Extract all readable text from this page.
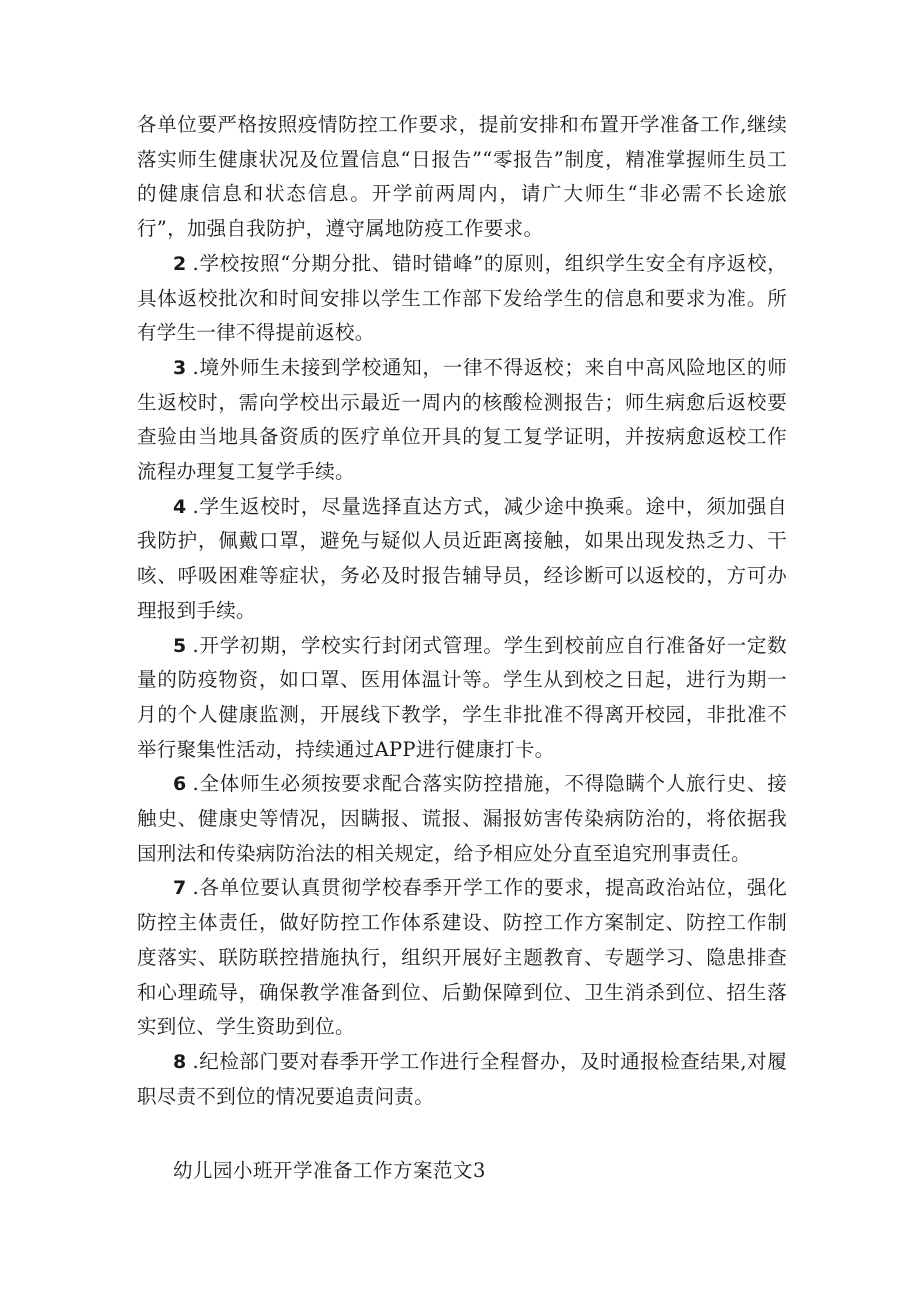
各单位要严格按照疫情防控工作要求，提前安排和布置开学准备工作,继续落实师生健康状况及位置信息“日报告”“零报告”制度，精准掌握师生员工的健康信息和状态信息。开学前两周内，请广大师生“非必需不长途旅行”，加强自我防护，遵守属地防疫工作要求。

2 .学校按照“分期分批、错时错峰”的原则，组织学生安全有序返校，具体返校批次和时间安排以学生工作部下发给学生的信息和要求为准。所有学生一律不得提前返校。

3 .境外师生未接到学校通知，一律不得返校；来自中高风险地区的师生返校时，需向学校出示最近一周内的核酸检测报告；师生病愈后返校要查验由当地具备资质的医疗单位开具的复工复学证明，并按病愈返校工作流程办理复工复学手续。

4 .学生返校时，尽量选择直达方式，减少途中换乘。途中，须加强自我防护，佩戴口罩，避免与疑似人员近距离接触，如果出现发热乏力、干咳、呼吸困难等症状，务必及时报告辅导员，经诊断可以返校的，方可办理报到手续。

5 .开学初期，学校实行封闭式管理。学生到校前应自行准备好一定数量的防疫物资，如口罩、医用体温计等。学生从到校之日起，进行为期一月的个人健康监测，开展线下教学，学生非批准不得离开校园，非批准不举行聚集性活动，持续通过APP进行健康打卡。

6 .全体师生必须按要求配合落实防控措施，不得隐瞒个人旅行史、接触史、健康史等情况，因瞒报、谎报、漏报妨害传染病防治的，将依据我国刑法和传染病防治法的相关规定，给予相应处分直至追究刑事责任。

7 .各单位要认真贯彻学校春季开学工作的要求，提高政治站位，强化防控主体责任，做好防控工作体系建设、防控工作方案制定、防控工作制度落实、联防联控措施执行，组织开展好主题教育、专题学习、隐患排查和心理疏导，确保教学准备到位、后勤保障到位、卫生消杀到位、招生落实到位、学生资助到位。

8 .纪检部门要对春季开学工作进行全程督办，及时通报检查结果,对履职尽责不到位的情况要追责问责。

幼儿园小班开学准备工作方案范文3
